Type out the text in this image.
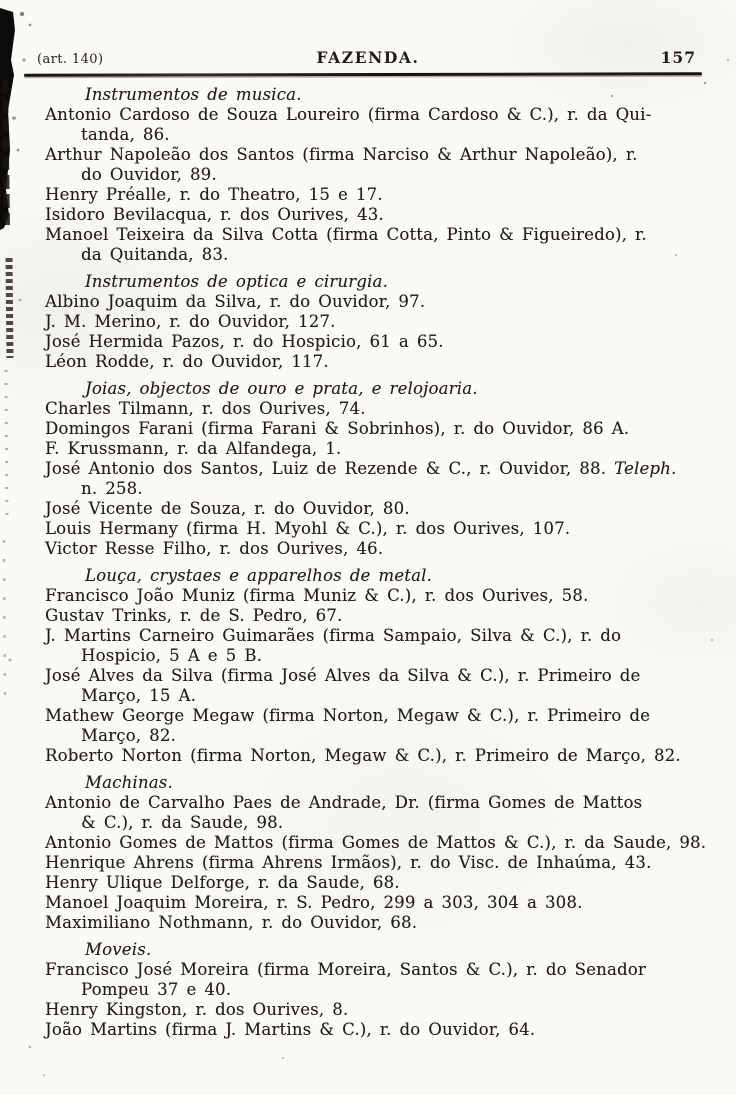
(art. 140)	FAZENDA.	157
Instrumentos de musica.

Antonio Cardoso de Souza Loureiro (firma Cardoso & C.), r. da Qui-
tanda, 86.

Arthur Napoleão dos Santos (firma Narciso & Arthur Napoleão), r.
do Ouvidor, 89.

Henry Préalle, r. do Theatro, 15 e 17.

Isidoro Bevilacqua, r. dos Ourives, 43.

Manoel Teixeira da Silva Cotta (firma Cotta, Pinto & Figueiredo), r.
da Quitanda, 83.

Instrumentos de optica e cirurgia.

Albino Joaquim da Silva, r. do Ouvidor, 97.

J. M. Merino, r. do Ouvidor, 127.

José Hermida Pazos, r. do Hospicio, 61 a 65.

Léon Rodde, r. do Ouvidor, 117.

Joias, objectos de ouro e prata, e relojoaria.

Charles Tilmann, r. dos Ourives, 74.

Domingos Farani (firma Farani & Sobrinhos), r. do Ouvidor, 86 A.

F. Krussmann, r. da Alfandega, 1.

José Antonio dos Santos, Luiz de Rezende & C., r. Ouvidor, 88. Teleph.
n. 258.

José Vicente de Souza, r. do Ouvidor, 80.

Louis Hermany (firma H. Myohl & C.), r. dos Ourives, 107.

Victor Resse Filho, r. dos Ourives, 46.

Louça, crystaes e apparelhos de metal.

Francisco João Muniz (firma Muniz & C.), r. dos Ourives, 58.

Gustav Trinks, r. de S. Pedro, 67.

J. Martins Carneiro Guimarães (firma Sampaio, Silva & C.), r. do
Hospicio, 5 A e 5 B.

José Alves da Silva (firma José Alves da Silva & C.), r. Primeiro de
Março, 15 A.

Mathew George Megaw (firma Norton, Megaw & C.), r. Primeiro de
Março, 82.

Roberto Norton (firma Norton, Megaw & C.), r. Primeiro de Março, 82.

Machinas.

Antonio de Carvalho Paes de Andrade, Dr. (firma Gomes de Mattos
& C.), r. da Saude, 98.

Antonio Gomes de Mattos (firma Gomes de Mattos & C.), r. da Saude, 98.

Henrique Ahrens (firma Ahrens Irmãos), r. do Visc. de Inhaúma, 43.

Henry Ulique Delforge, r. da Saude, 68.

Manoel Joaquim Moreira, r. S. Pedro, 299 a 303, 304 a 308.

Maximiliano Nothmann, r. do Ouvidor, 68.

Moveis.

Francisco José Moreira (firma Moreira, Santos & C.), r. do Senador
Pompeu 37 e 40.

Henry Kingston, r. dos Ourives, 8.

João Martins (firma J. Martins & C.), r. do Ouvidor, 64.
